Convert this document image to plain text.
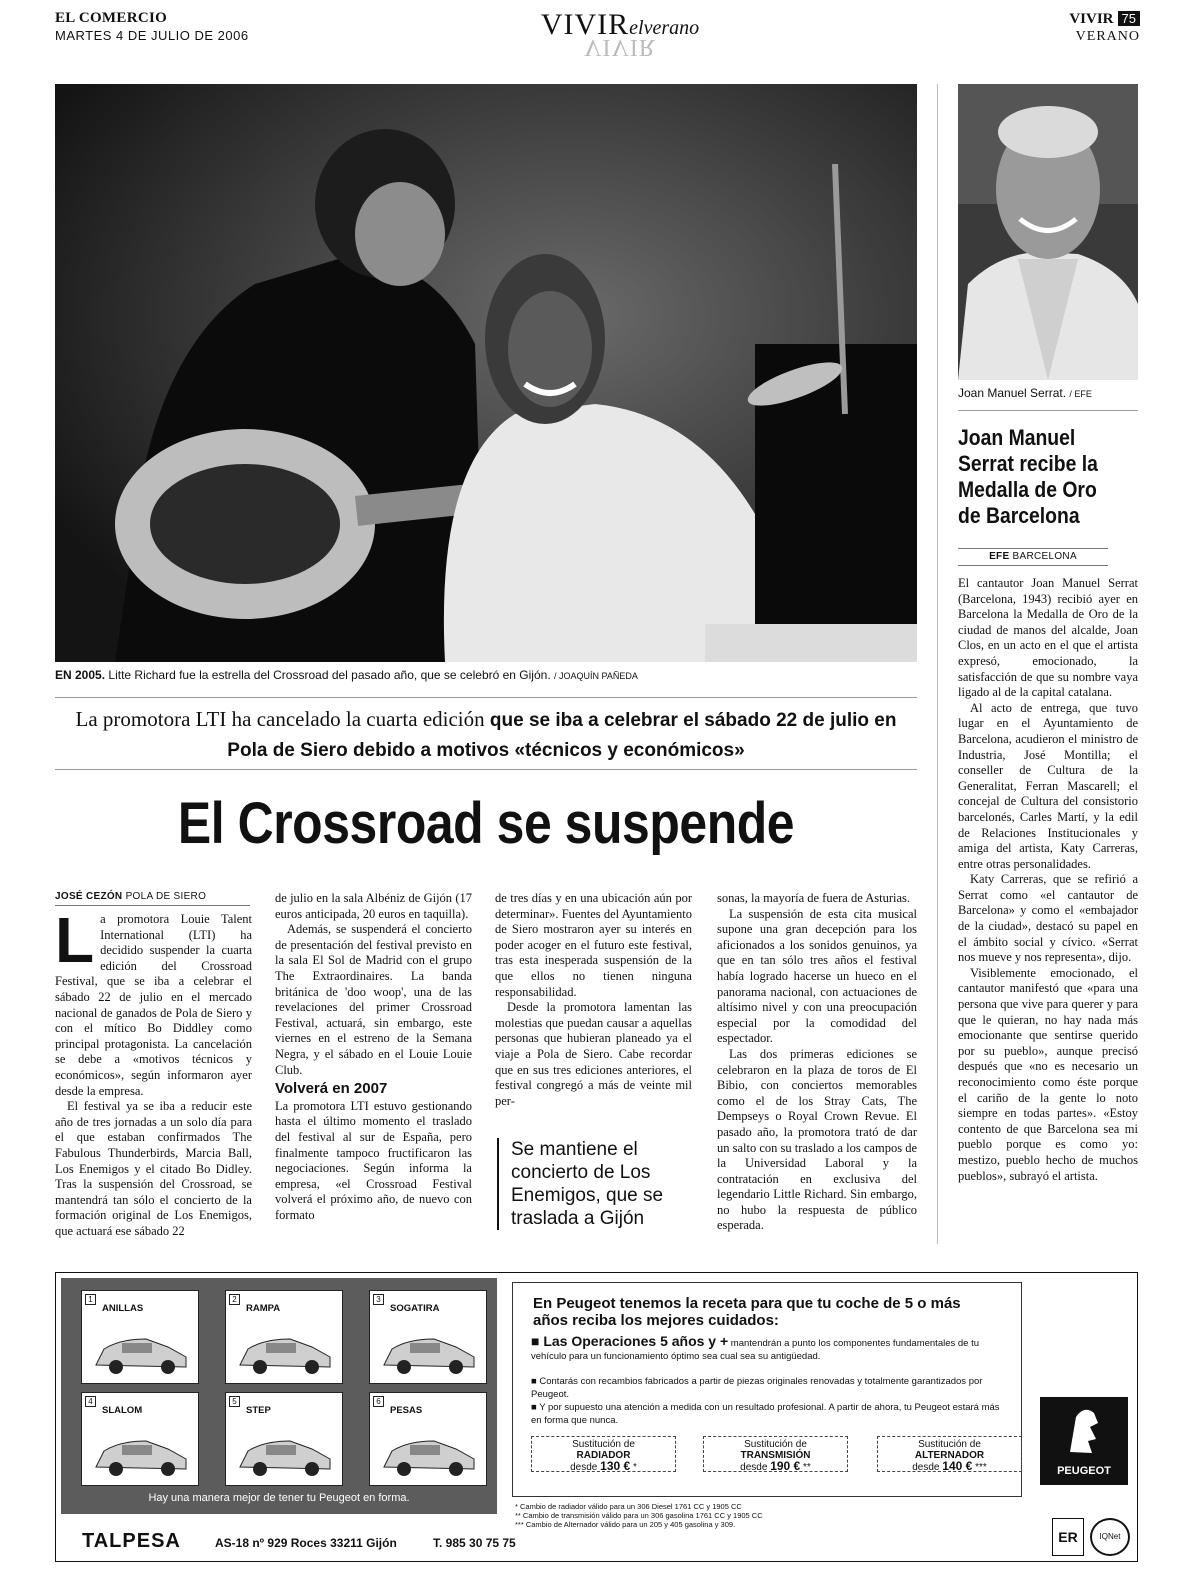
EL COMERCIO
MARTES 4 DE JULIO DE 2006	VIVIRelverano
VIVIR
VIVIR 75
VERANO
EN 2005. Litte Richard fue la estrella del Crossroad del pasado año, que se celebró en Gijón. / JOAQUÍN PAÑEDA
La promotora LTI ha cancelado la cuarta edición que se iba a celebrar el sábado 22 de julio en Pola de Siero debido a motivos «técnicos y económicos»
El Crossroad se suspende
JOSÉ CEZÓN POLA DE SIERO

La promotora Louie Talent International (LTI) ha decidido suspender la cuarta edición del Crossroad Festival, que se iba a celebrar el sábado 22 de julio en el mercado nacional de ganados de Pola de Siero y con el mítico Bo Diddley como principal protagonista. La cancelación se debe a «motivos técnicos y económicos», según informaron ayer desde la empresa.

El festival ya se iba a reducir este año de tres jornadas a un solo día para el que estaban confirmados The Fabulous Thunderbirds, Marcia Ball, Los Enemigos y el citado Bo Didley. Tras la suspensión del Crossroad, se mantendrá tan sólo el concierto de la formación original de Los Enemigos, que actuará ese sábado 22

de julio en la sala Albéniz de Gijón (17 euros anticipada, 20 euros en taquilla).

Además, se suspenderá el concierto de presentación del festival previsto en la sala El Sol de Madrid con el grupo The Extraordinaires. La banda británica de 'doo woop', una de las revelaciones del primer Crossroad Festival, actuará, sin embargo, este viernes en el estreno de la Semana Negra, y el sábado en el Louie Louie Club.

Volverá en 2007

La promotora LTI estuvo gestionando hasta el último momento el traslado del festival al sur de España, pero finalmente tampoco fructificaron las negociaciones. Según informa la empresa, «el Crossroad Festival volverá el próximo año, de nuevo con formato

de tres días y en una ubicación aún por determinar». Fuentes del Ayuntamiento de Siero mostraron ayer su interés en poder acoger en el futuro este festival, tras esta inesperada suspensión de la que ellos no tienen ninguna responsabilidad.

Desde la promotora lamentan las molestias que puedan causar a aquellas personas que hubieran planeado ya el viaje a Pola de Siero. Cabe recordar que en sus tres ediciones anteriores, el festival congregó a más de veinte mil per-

Se mantiene el concierto de Los Enemigos, que se traslada a Gijón

sonas, la mayoría de fuera de Asturias.

La suspensión de esta cita musical supone una gran decepción para los aficionados a los sonidos genuinos, ya que en tan sólo tres años el festival había logrado hacerse un hueco en el panorama nacional, con actuaciones de altísimo nivel y con una preocupación especial por la comodidad del espectador.

Las dos primeras ediciones se celebraron en la plaza de toros de El Bibio, con conciertos memorables como el de los Stray Cats, The Dempseys o Royal Crown Revue. El pasado año, la promotora trató de dar un salto con su traslado a los campos de la Universidad Laboral y la contratación en exclusiva del legendario Little Richard. Sin embargo, no hubo la respuesta de público esperada.

Joan Manuel Serrat. / EFE
Joan Manuel Serrat recibe la Medalla de Oro de Barcelona
EFE BARCELONA

El cantautor Joan Manuel Serrat (Barcelona, 1943) recibió ayer en Barcelona la Medalla de Oro de la ciudad de manos del alcalde, Joan Clos, en un acto en el que el artista expresó, emocionado, la satisfacción de que su nombre vaya ligado al de la capital catalana.

Al acto de entrega, que tuvo lugar en el Ayuntamiento de Barcelona, acudieron el ministro de Industria, José Montilla; el conseller de Cultura de la Generalitat, Ferran Mascarell; el concejal de Cultura del consistorio barcelonés, Carles Martí, y la edil de Relaciones Institucionales y amiga del artista, Katy Carreras, entre otras personalidades.

Katy Carreras, que se refirió a Serrat como «el cantautor de Barcelona» y como el «embajador de la ciudad», destacó su papel en el ámbito social y cívico. «Serrat nos mueve y nos representa», dijo.

Visiblemente emocionado, el cantautor manifestó que «para una persona que vive para querer y para que le quieran, no hay nada más emocionante que sentirse querido por su pueblo», aunque precisó después que «no es necesario un reconocimiento como éste porque el cariño de la gente lo noto siempre en todas partes». «Estoy contento de que Barcelona sea mi pueblo porque es como yo: mestizo, pueblo hecho de muchos pueblos», subrayó el artista.

1
ANILLAS
2
RAMPA
3
SOGATIRA
4
SLALOM
5
STEP
6
PESAS
Hay una manera mejor de tener tu Peugeot en forma.
En Peugeot tenemos la receta para que tu coche de 5 o más años reciba los mejores cuidados:
■ Las Operaciones 5 años y + mantendrán a punto los componentes fundamentales de tu vehículo para un funcionamiento óptimo sea cual sea su antigüedad.
■ Contarás con recambios fabricados a partir de piezas originales renovadas y totalmente garantizados por Peugeot.
■ Y por supuesto una atención a medida con un resultado profesional. A partir de ahora, tu Peugeot estará más en forma que nunca.
Sustitución de
RADIADOR
desde 130 € *
Sustitución de
TRANSMISIÓN
desde 190 € **
Sustitución de
ALTERNADOR
desde 140 € ***	PEUGEOT
* Cambio de radiador válido para un 306 Diesel 1761 CC y 1905 CC
** Cambio de transmisión válido para un 306 gasolina 1761 CC y 1905 CC
*** Cambio de Alternador válido para un 205 y 405 gasolina y 309.
TALPESA	AS-18 nº 929 Roces 33211 Gijón	T. 985 30 75 75	ER	IQNet
